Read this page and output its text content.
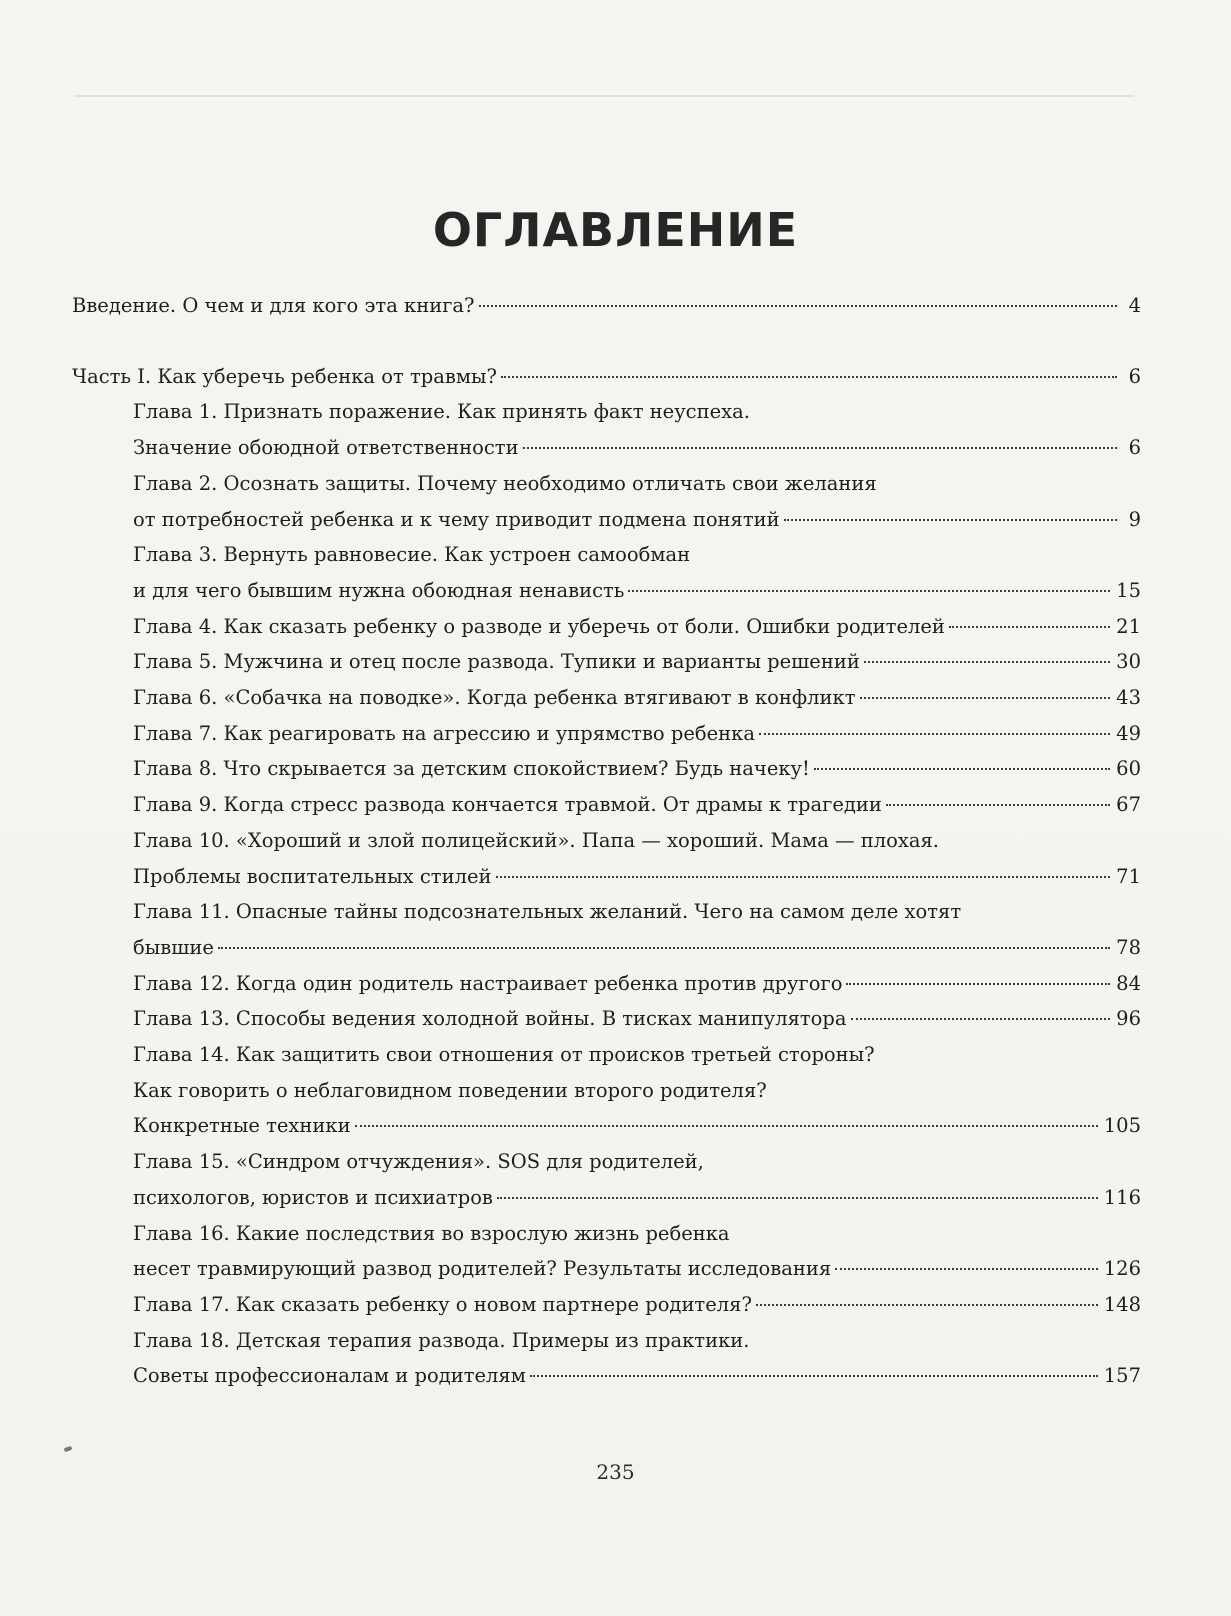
ОГЛАВЛЕНИЕ
Введение. О чем и для кого эта книга?	4
Часть I. Как уберечь ребенка от травмы?	6
Глава 1. Признать поражение. Как принять факт неуспеха.
Значение обоюдной ответственности	6
Глава 2. Осознать защиты. Почему необходимо отличать свои желания
от потребностей ребенка и к чему приводит подмена понятий	9
Глава 3. Вернуть равновесие. Как устроен самообман
и для чего бывшим нужна обоюдная ненависть	15
Глава 4. Как сказать ребенку о разводе и уберечь от боли. Ошибки родителей	21
Глава 5. Мужчина и отец после развода. Тупики и варианты решений	30
Глава 6. «Собачка на поводке». Когда ребенка втягивают в конфликт	43
Глава 7. Как реагировать на агрессию и упрямство ребенка	49
Глава 8. Что скрывается за детским спокойствием? Будь начеку!	60
Глава 9. Когда стресс развода кончается травмой. От драмы к трагедии	67
Глава 10. «Хороший и злой полицейский». Папа — хороший. Мама — плохая.
Проблемы воспитательных стилей	71
Глава 11. Опасные тайны подсознательных желаний. Чего на самом деле хотят
бывшие	78
Глава 12. Когда один родитель настраивает ребенка против другого	84
Глава 13. Способы ведения холодной войны. В тисках манипулятора	96
Глава 14. Как защитить свои отношения от происков третьей стороны?
Как говорить о неблаговидном поведении второго родителя?
Конкретные техники	105
Глава 15. «Синдром отчуждения». SOS для родителей,
психологов, юристов и психиатров	116
Глава 16. Какие последствия во взрослую жизнь ребенка
несет травмирующий развод родителей? Результаты исследования	126
Глава 17. Как сказать ребенку о новом партнере родителя?	148
Глава 18. Детская терапия развода. Примеры из практики.
Советы профессионалам и родителям	157
235
